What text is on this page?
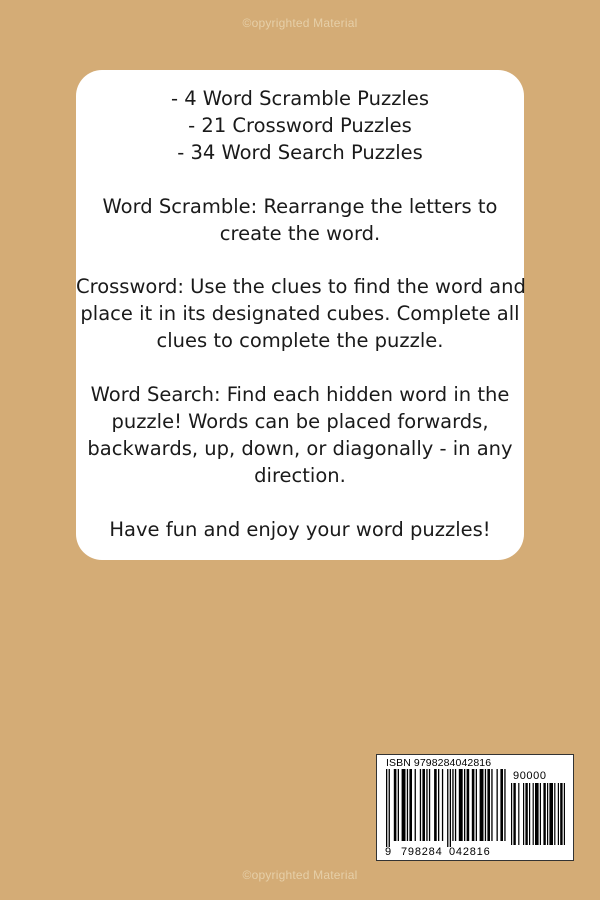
©opyrighted Material
- 4 Word Scramble Puzzles
- 21 Crossword Puzzles
- 34 Word Search Puzzles
Word Scramble: Rearrange the letters to
create the word.
Crossword: Use the clues to find the word and
place it in its designated cubes. Complete all
clues to complete the puzzle.
Word Search: Find each hidden word in the
puzzle! Words can be placed forwards,
backwards, up, down, or diagonally - in any
direction.
Have fun and enjoy your word puzzles!
ISBN 9798284042816
90000
9 798284 042816
©opyrighted Material
